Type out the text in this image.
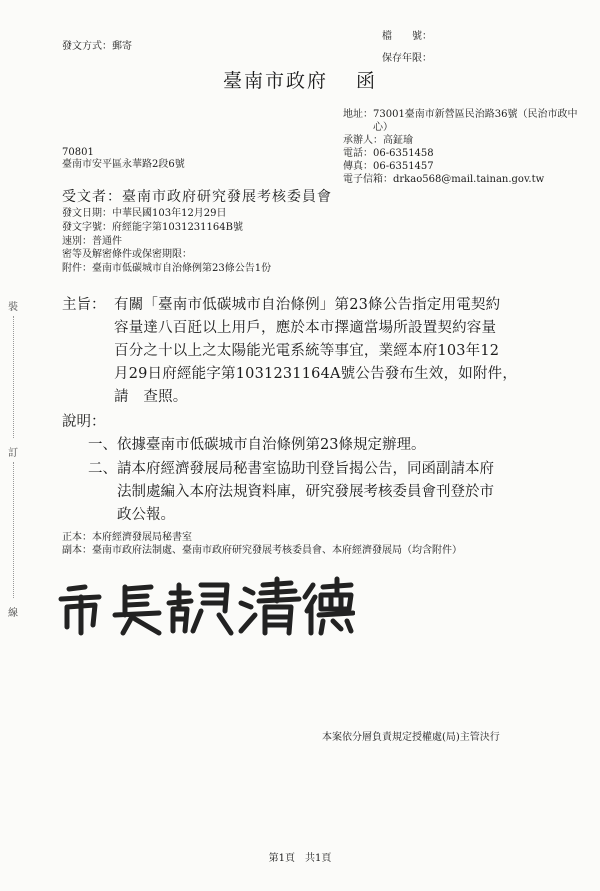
發文方式：郵寄
檔　　號：
保存年限：
臺南市政府 函
地址： 73001臺南市新營區民治路36號（民治市政中心）
承辦人：高鉦瑜
電話：06-6351458
傳真：06-6351457
電子信箱：drkao568@mail.tainan.gov.tw
70801
臺南市安平區永華路2段6號
受文者：臺南市政府研究發展考核委員會
發文日期：中華民國103年12月29日
發文字號：府經能字第1031231164B號
速別：普通件
密等及解密條件或保密期限：
附件：臺南市低碳城市自治條例第23條公告1份
主旨： 有關「臺南市低碳城市自治條例」第23條公告指定用電契約
容量達八百瓩以上用戶，應於本市擇適當場所設置契約容量
百分之十以上之太陽能光電系統等事宜，業經本府103年12
月29日府經能字第1031231164A號公告發布生效，如附件，
請　查照。
說明：
一、依據臺南市低碳城市自治條例第23條規定辦理。
二、請本府經濟發展局秘書室協助刊登旨揭公告，同函副請本府
法制處編入本府法規資料庫，研究發展考核委員會刊登於市
政公報。
正本：本府經濟發展局秘書室
副本： 臺南市政府法制處、臺南市政府研究發展考核委員會、本府經濟發展局（均含附件）
裝
訂
線
本案依分層負責規定授權處(局)主管決行
第1頁　共1頁
